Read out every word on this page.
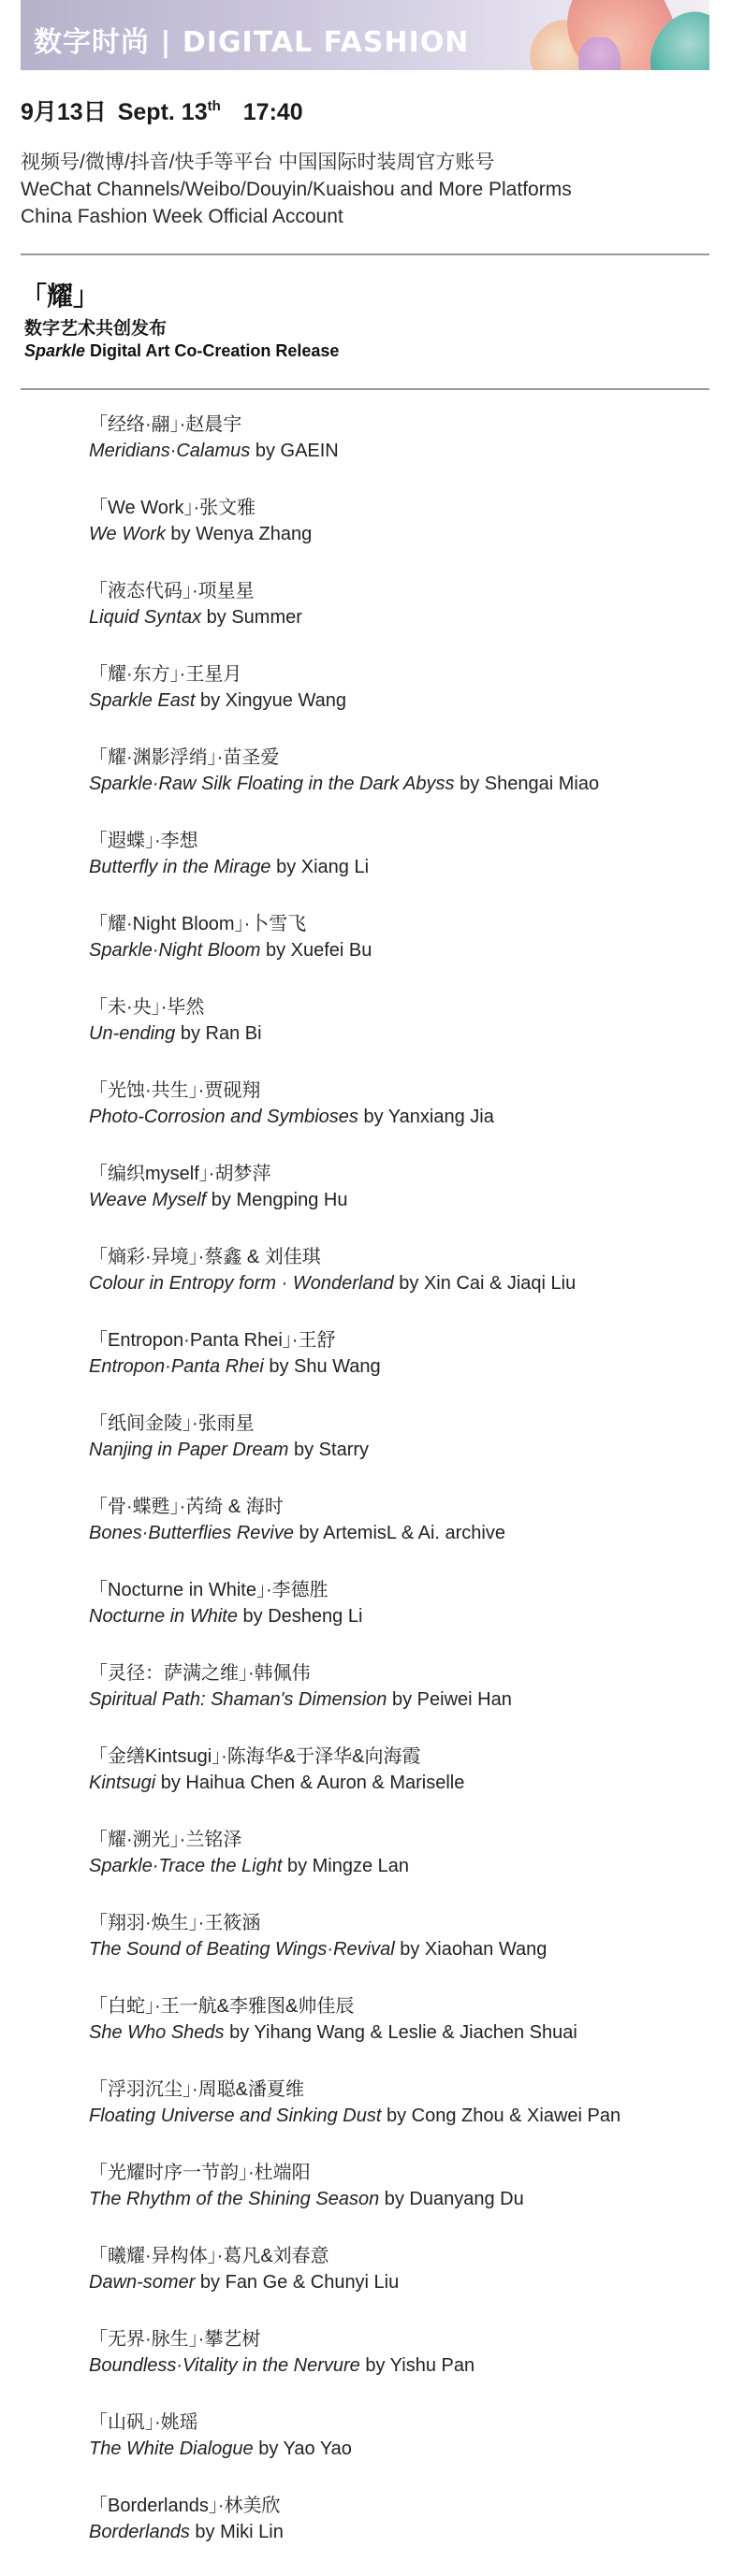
数字时尚 | DIGITAL FASHION
9月13日 Sept. 13th 17:40
视频号/微博/抖音/快手等平台 中国国际时装周官方账号
WeChat Channels/Weibo/Douyin/Kuaishou and More Platforms
China Fashion Week Official Account
「耀」
数字艺术共创发布
Sparkle Digital Art Co-Creation Release
「经络·翮」·赵晨宇
Meridians·Calamus by GAEIN
「We Work」·张文雅
We Work by Wenya Zhang
「液态代码」·项星星
Liquid Syntax by Summer
「耀·东方」·王星月
Sparkle East by Xingyue Wang
「耀·渊影浮绡」·苗圣爱
Sparkle·Raw Silk Floating in the Dark Abyss by Shengai Miao
「遐蝶」·李想
Butterfly in the Mirage by Xiang Li
「耀·Night Bloom」·卜雪飞
Sparkle·Night Bloom by Xuefei Bu
「未·央」·毕然
Un-ending by Ran Bi
「光蚀·共生」·贾砚翔
Photo-Corrosion and Symbioses by Yanxiang Jia
「编织myself」·胡梦萍
Weave Myself by Mengping Hu
「熵彩·异境」·蔡鑫 & 刘佳琪
Colour in Entropy form · Wonderland by Xin Cai & Jiaqi Liu
「Entropon·Panta Rhei」·王舒
Entropon·Panta Rhei by Shu Wang
「纸间金陵」·张雨星
Nanjing in Paper Dream by Starry
「骨·蝶甦」·芮绮 & 海时
Bones·Butterflies Revive by ArtemisL & Ai. archive
「Nocturne in White」·李德胜
Nocturne in White by Desheng Li
「灵径：萨满之维」·韩佩伟
Spiritual Path: Shaman's Dimension by Peiwei Han
「金缮Kintsugi」·陈海华&于泽华&向海霞
Kintsugi by Haihua Chen & Auron & Mariselle
「耀·溯光」·兰铭泽
Sparkle·Trace the Light by Mingze Lan
「翔羽·焕生」·王筱涵
The Sound of Beating Wings·Revival by Xiaohan Wang
「白蛇」·王一航&李雅图&帅佳辰
She Who Sheds by Yihang Wang & Leslie & Jiachen Shuai
「浮羽沉尘」·周聪&潘夏维
Floating Universe and Sinking Dust by Cong Zhou & Xiawei Pan
「光耀时序一节韵」·杜端阳
The Rhythm of the Shining Season by Duanyang Du
「曦耀·异构体」·葛凡&刘春意
Dawn-somer by Fan Ge & Chunyi Liu
「无界·脉生」·攀艺树
Boundless·Vitality in the Nervure by Yishu Pan
「山矾」·姚瑶
The White Dialogue by Yao Yao
「Borderlands」·林美欣
Borderlands by Miki Lin
